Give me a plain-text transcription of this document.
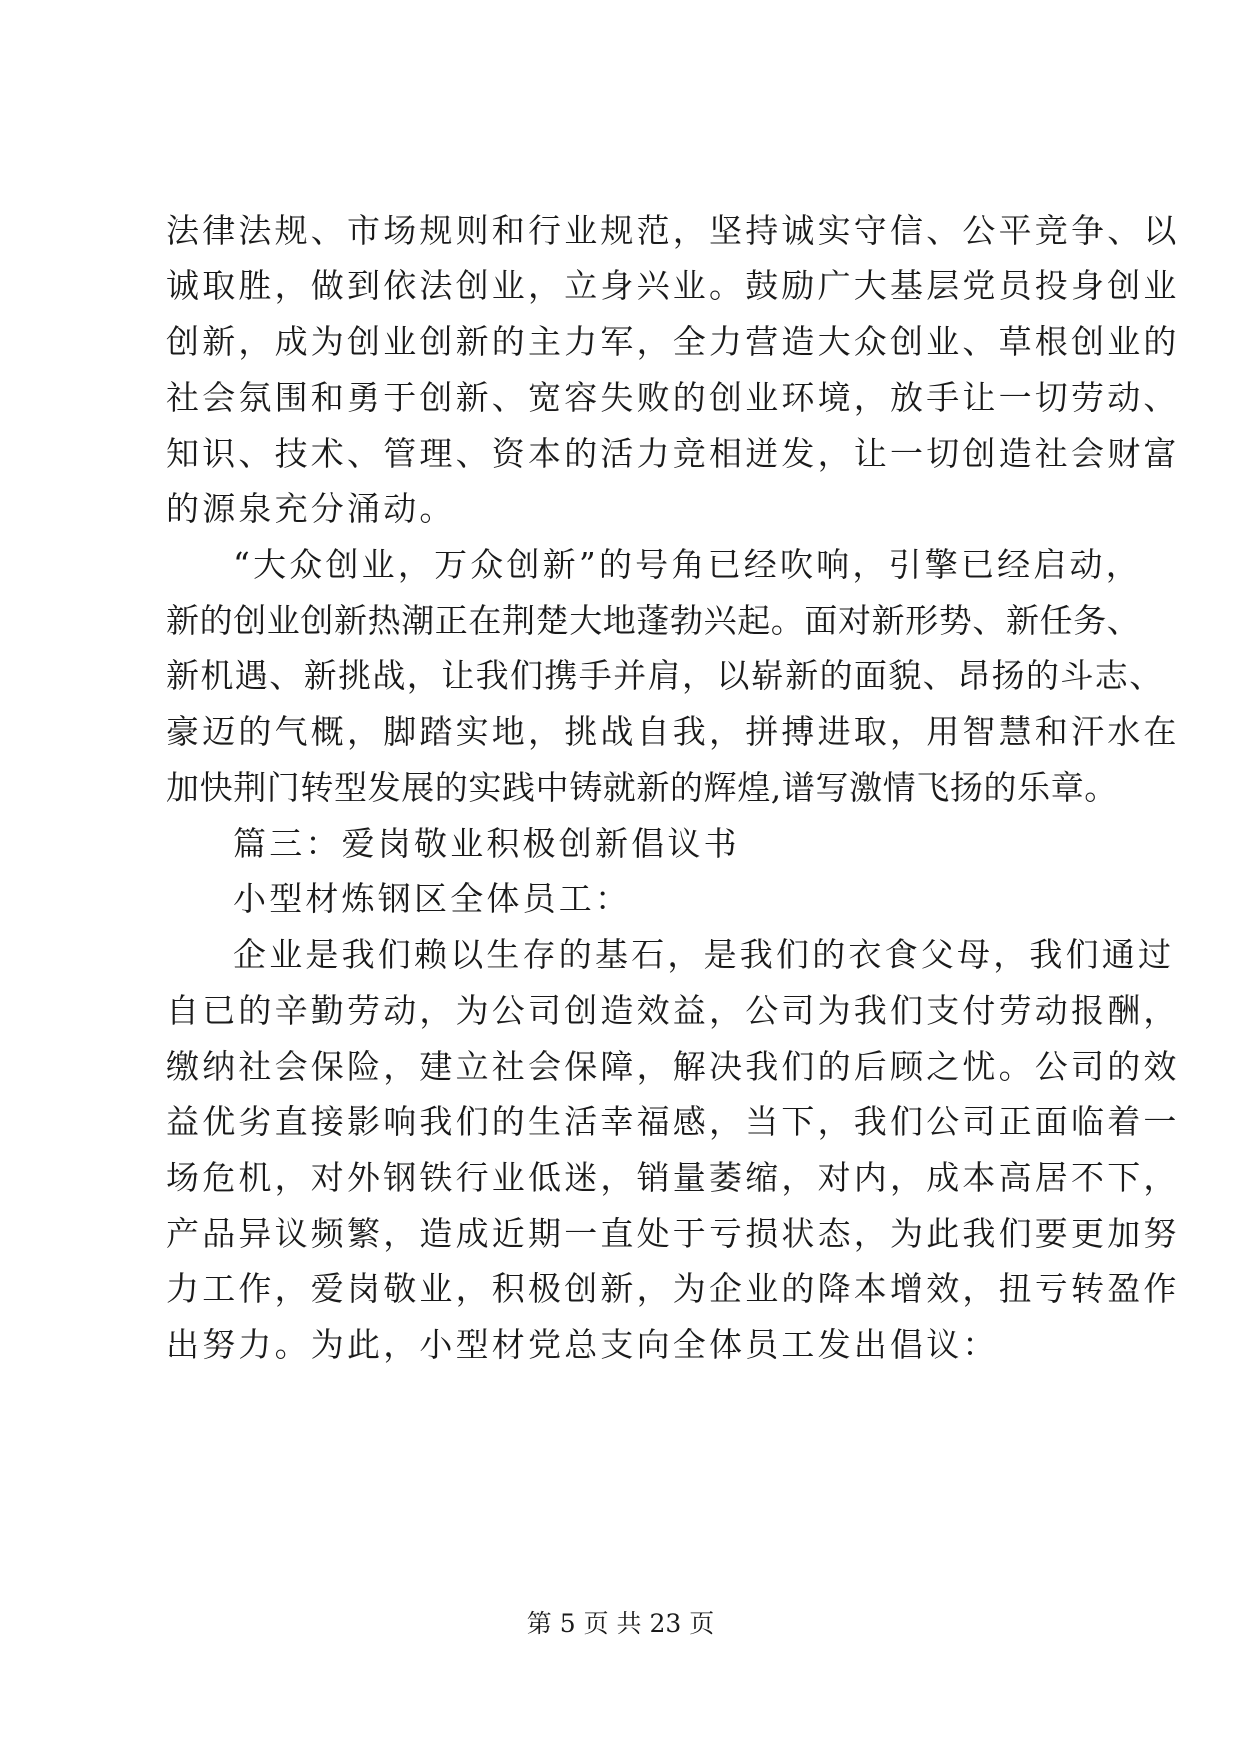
法律法规、市场规则和行业规范，坚持诚实守信、公平竞争、以
诚取胜，做到依法创业，立身兴业。鼓励广大基层党员投身创业
创新，成为创业创新的主力军，全力营造大众创业、草根创业的
社会氛围和勇于创新、宽容失败的创业环境，放手让一切劳动、
知识、技术、管理、资本的活力竞相迸发，让一切创造社会财富
的源泉充分涌动。
“大众创业，万众创新”的号角已经吹响，引擎已经启动，
新的创业创新热潮正在荆楚大地蓬勃兴起。面对新形势、新任务、
新机遇、新挑战，让我们携手并肩，以崭新的面貌、昂扬的斗志、
豪迈的气概，脚踏实地，挑战自我，拼搏进取，用智慧和汗水在
加快荆门转型发展的实践中铸就新的辉煌,谱写激情飞扬的乐章。
篇三：爱岗敬业积极创新倡议书
小型材炼钢区全体员工：
企业是我们赖以生存的基石，是我们的衣食父母，我们通过
自已的辛勤劳动，为公司创造效益，公司为我们支付劳动报酬，
缴纳社会保险，建立社会保障，解决我们的后顾之忧。公司的效
益优劣直接影响我们的生活幸福感，当下，我们公司正面临着一
场危机，对外钢铁行业低迷，销量萎缩，对内，成本高居不下，
产品异议频繁，造成近期一直处于亏损状态，为此我们要更加努
力工作，爱岗敬业，积极创新，为企业的降本增效，扭亏转盈作
出努力。为此，小型材党总支向全体员工发出倡议：
第 5 页 共 23 页
